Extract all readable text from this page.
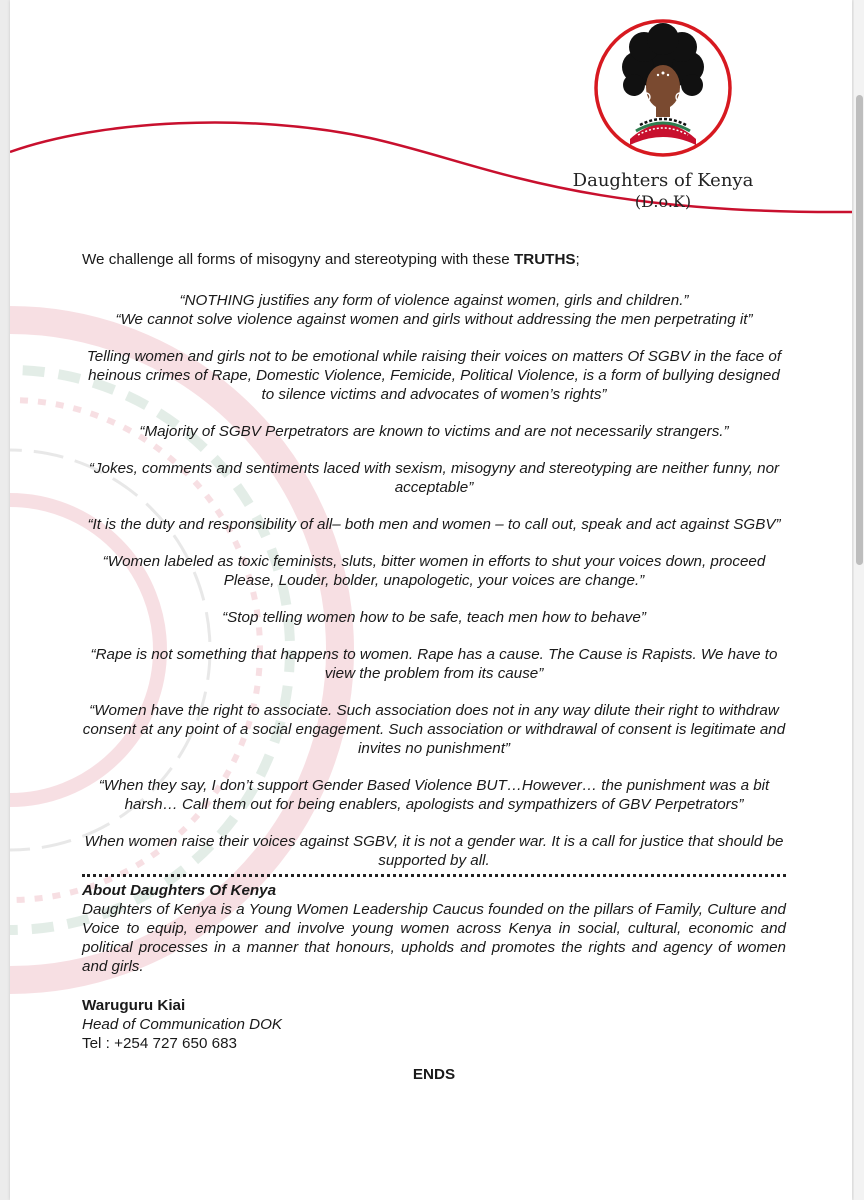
Daughters of Kenya
(D.o.K)

We challenge all forms of misogyny and stereotyping with these TRUTHS;

“NOTHING justifies any form of violence against women, girls and children.”

“We cannot solve violence against women and girls without addressing the men perpetrating it”

Telling women and girls not to be emotional while raising their voices on matters Of SGBV in the face of heinous crimes of Rape, Domestic Violence, Femicide, Political Violence, is a form of bullying designed to silence victims and advocates of women’s rights”

“Majority of SGBV Perpetrators are known to victims and are not necessarily strangers.”

“Jokes, comments and sentiments laced with sexism, misogyny and stereotyping are neither funny, nor acceptable”

“It is the duty and responsibility of all– both men and women – to call out, speak and act against SGBV”

“Women labeled as toxic feminists, sluts, bitter women in efforts to shut your voices down, proceed Please, Louder, bolder, unapologetic, your voices are change.”

“Stop telling women how to be safe, teach men how to behave”

“Rape is not something that happens to women. Rape has a cause. The Cause is Rapists. We have to view the problem from its cause”

“Women have the right to associate. Such association does not in any way dilute their right to withdraw consent at any point of a social engagement. Such association or withdrawal of consent is legitimate and invites no punishment”

“When they say, I don’t support Gender Based Violence BUT…However… the punishment was a bit harsh… Call them out for being enablers, apologists and sympathizers of GBV Perpetrators”

When women raise their voices against SGBV, it is not a gender war. It is a call for justice that should be supported by all.

About Daughters Of Kenya

Daughters of Kenya is a Young Women Leadership Caucus founded on the pillars of Family, Culture and Voice to equip, empower and involve young women across Kenya in social, cultural, economic and political processes in a manner that honours, upholds and promotes the rights and agency of women and girls.

Waruguru Kiai

Head of Communication DOK

Tel : +254 727 650 683

ENDS
